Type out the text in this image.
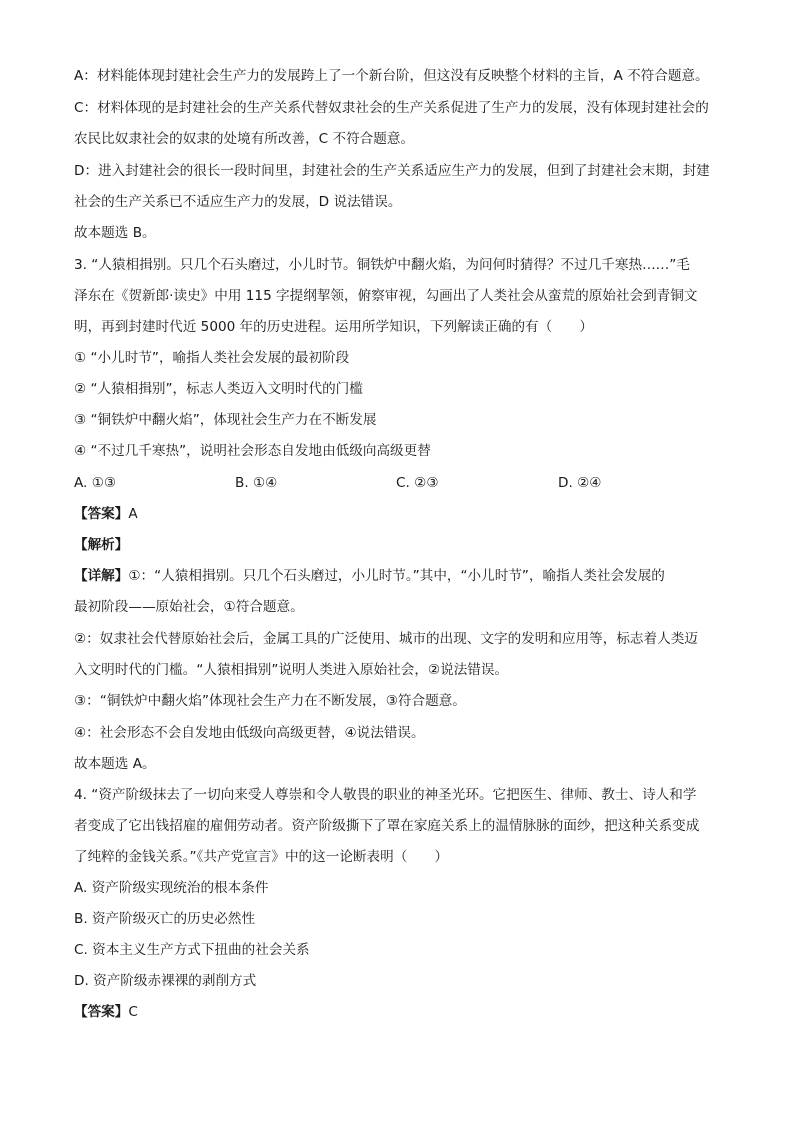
A：材料能体现封建社会生产力的发展跨上了一个新台阶，但这没有反映整个材料的主旨，A 不符合题意。
C：材料体现的是封建社会的生产关系代替奴隶社会的生产关系促进了生产力的发展，没有体现封建社会的
农民比奴隶社会的奴隶的处境有所改善，C 不符合题意。
D：进入封建社会的很长一段时间里，封建社会的生产关系适应生产力的发展，但到了封建社会末期，封建
社会的生产关系已不适应生产力的发展，D 说法错误。
故本题选 B。
3. “人猿相揖别。只几个石头磨过，小儿时节。铜铁炉中翻火焰，为问何时猜得？不过几千寒热……”毛
泽东在《贺新郎·读史》中用 115 字提纲挈领，俯察审视，勾画出了人类社会从蛮荒的原始社会到青铜文
明，再到封建时代近 5000 年的历史进程。运用所学知识，下列解读正确的有（　　）
① “小儿时节”，喻指人类社会发展的最初阶段
② “人猿相揖别”，标志人类迈入文明时代的门槛
③ “铜铁炉中翻火焰”，体现社会生产力在不断发展
④ “不过几千寒热”，说明社会形态自发地由低级向高级更替
A. ①③	B. ①④	C. ②③	D. ②④
【答案】A
【解析】
【详解】①：“人猿相揖别。只几个石头磨过，小儿时节。”其中，“小儿时节”，喻指人类社会发展的
最初阶段——原始社会，①符合题意。
②：奴隶社会代替原始社会后，金属工具的广泛使用、城市的出现、文字的发明和应用等，标志着人类迈
入文明时代的门槛。“人猿相揖别”说明人类进入原始社会，②说法错误。
③：“铜铁炉中翻火焰”体现社会生产力在不断发展，③符合题意。
④：社会形态不会自发地由低级向高级更替，④说法错误。
故本题选 A。
4. “资产阶级抹去了一切向来受人尊崇和令人敬畏的职业的神圣光环。它把医生、律师、教士、诗人和学
者变成了它出钱招雇的雇佣劳动者。资产阶级撕下了罩在家庭关系上的温情脉脉的面纱，把这种关系变成
了纯粹的金钱关系。”《共产党宣言》中的这一论断表明（　　）
A. 资产阶级实现统治的根本条件
B. 资产阶级灭亡的历史必然性
C. 资本主义生产方式下扭曲的社会关系
D. 资产阶级赤裸裸的剥削方式
【答案】C
